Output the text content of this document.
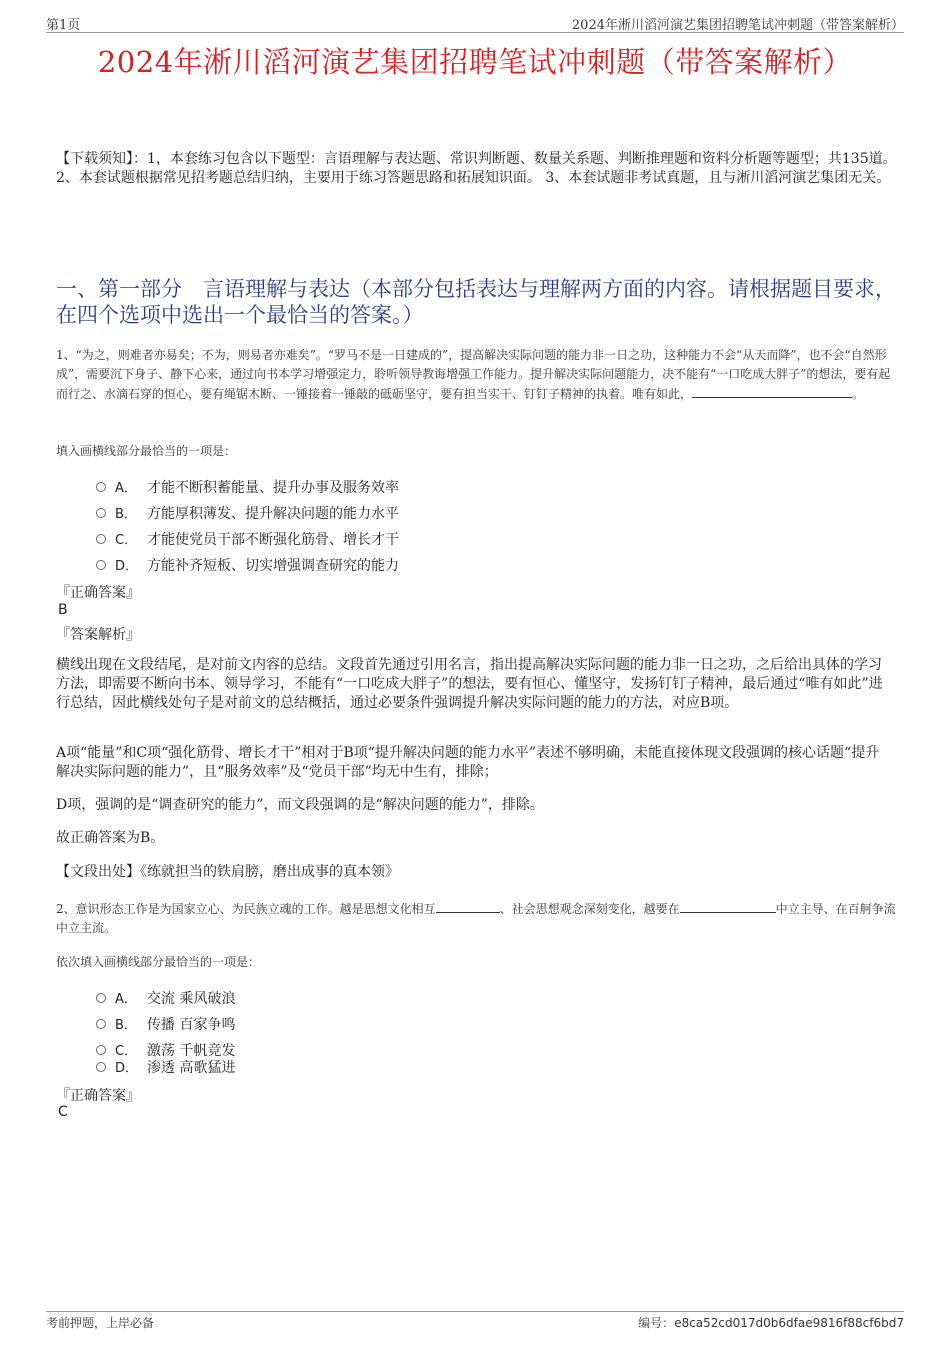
第1页	2024年淅川滔河演艺集团招聘笔试冲刺题（带答案解析）
2024年淅川滔河演艺集团招聘笔试冲刺题（带答案解析）
【下载须知】：1，本套练习包含以下题型：言语理解与表达题、常识判断题、数量关系题、判断推理题和资料分析题等题型；共135道。 2、本套试题根据常见招考题总结归纳，主要用于练习答题思路和拓展知识面。 3、本套试题非考试真题，且与淅川滔河演艺集团无关。
一、第一部分　言语理解与表达（本部分包括表达与理解两方面的内容。请根据题目要求，在四个选项中选出一个最恰当的答案。）
1、“为之，则难者亦易矣；不为，则易者亦难矣”。“罗马不是一日建成的”，提高解决实际问题的能力非一日之功，这种能力不会“从天而降”，也不会“自然形成”，需要沉下身子、静下心来，通过向书本学习增强定力，聆听领导教诲增强工作能力。提升解决实际问题能力，决不能有“一口吃成大胖子”的想法，要有起而行之、水滴石穿的恒心，要有绳锯木断、一锤接着一锤敲的砥砺坚守，要有担当实干、钉钉子精神的执着。唯有如此，	。
填入画横线部分最恰当的一项是：
A． 才能不断积蓄能量、提升办事及服务效率
B． 方能厚积薄发、提升解决问题的能力水平
C． 才能使党员干部不断强化筋骨、增长才干
D． 方能补齐短板、切实增强调查研究的能力
『正确答案』
B
『答案解析』
横线出现在文段结尾，是对前文内容的总结。文段首先通过引用名言，指出提高解决实际问题的能力非一日之功，之后给出具体的学习方法，即需要不断向书本、领导学习，不能有“一口吃成大胖子”的想法，要有恒心、懂坚守，发扬钉钉子精神，最后通过“唯有如此”进行总结，因此横线处句子是对前文的总结概括，通过必要条件强调提升解决实际问题的能力的方法，对应B项。
A项“能量”和C项“强化筋骨、增长才干”相对于B项“提升解决问题的能力水平”表述不够明确，未能直接体现文段强调的核心话题“提升解决实际问题的能力”，且“服务效率”及“党员干部”均无中生有，排除；
D项，强调的是“调查研究的能力”，而文段强调的是“解决问题的能力”，排除。
故正确答案为B。
【文段出处】《练就担当的铁肩膀，磨出成事的真本领》
2、意识形态工作是为国家立心、为民族立魂的工作。越是思想文化相互	、社会思想观念深刻变化，越要在	中立主导、在百舸争流中立主流。
依次填入画横线部分最恰当的一项是：
A． 交流 乘风破浪
B． 传播 百家争鸣
C． 激荡 千帆竞发
D． 渗透 高歌猛进
『正确答案』
C
考前押题，上岸必备	编号：e8ca52cd017d0b6dfae9816f88cf6bd7
